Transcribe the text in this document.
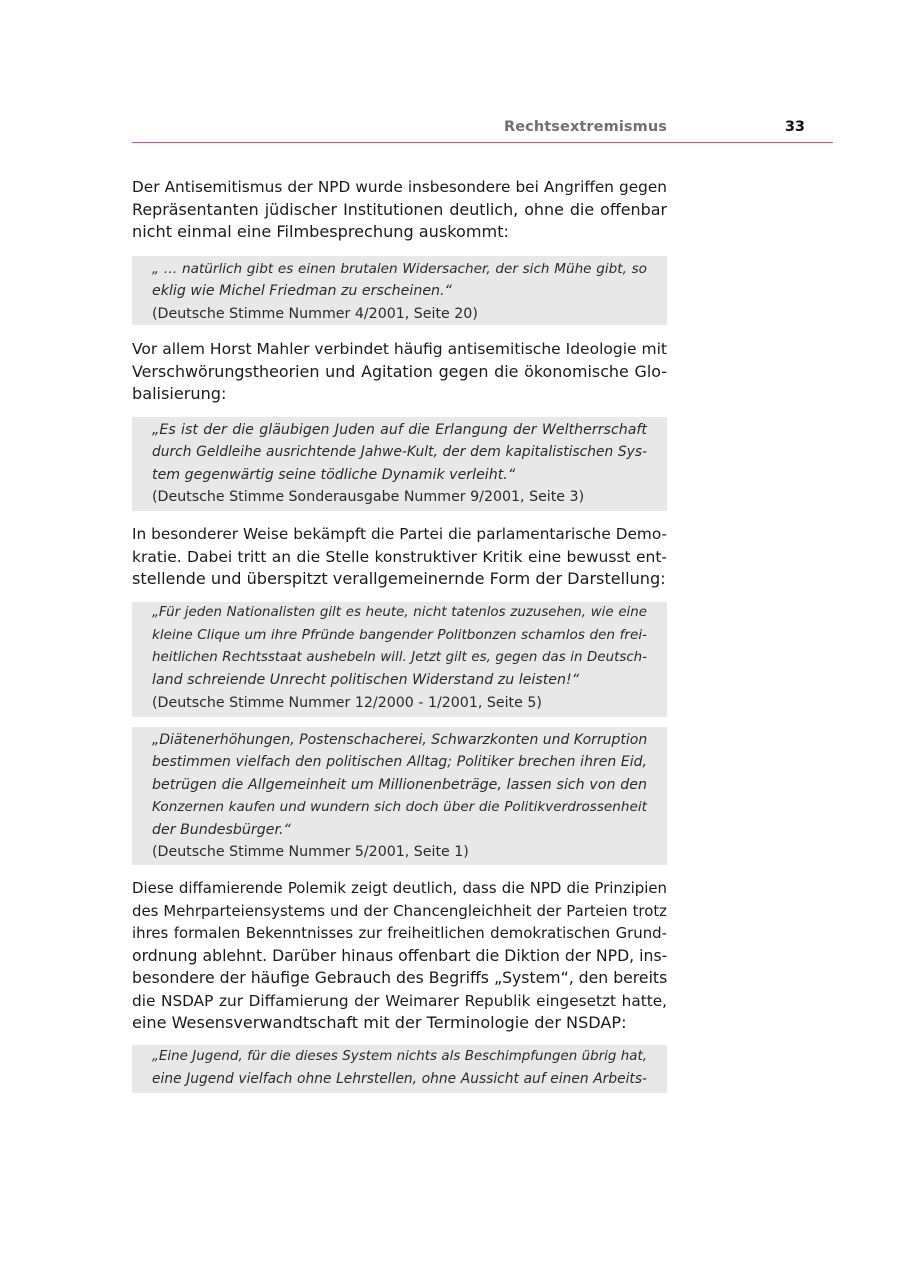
Rechtsextremismus	33
Der Antisemitismus der NPD wurde insbesondere bei Angriffen gegen
Repräsentanten jüdischer Institutionen deutlich, ohne die offenbar
nicht einmal eine Filmbesprechung auskommt:
„ … natürlich gibt es einen brutalen Widersacher, der sich Mühe gibt, so
eklig wie Michel Friedman zu erscheinen.“
(Deutsche Stimme Nummer 4/2001, Seite 20)
Vor allem Horst Mahler verbindet häufig antisemitische Ideologie mit
Verschwörungstheorien und Agitation gegen die ökonomische Glo-
balisierung:
„Es ist der die gläubigen Juden auf die Erlangung der Weltherrschaft
durch Geldleihe ausrichtende Jahwe-Kult, der dem kapitalistischen Sys-
tem gegenwärtig seine tödliche Dynamik verleiht.“
(Deutsche Stimme Sonderausgabe Nummer 9/2001, Seite 3)
In besonderer Weise bekämpft die Partei die parlamentarische Demo-
kratie. Dabei tritt an die Stelle konstruktiver Kritik eine bewusst ent-
stellende und überspitzt verallgemeinernde Form der Darstellung:
„Für jeden Nationalisten gilt es heute, nicht tatenlos zuzusehen, wie eine
kleine Clique um ihre Pfründe bangender Politbonzen schamlos den frei-
heitlichen Rechtsstaat aushebeln will. Jetzt gilt es, gegen das in Deutsch-
land schreiende Unrecht politischen Widerstand zu leisten!“
(Deutsche Stimme Nummer 12/2000 - 1/2001, Seite 5)
„Diätenerhöhungen, Postenschacherei, Schwarzkonten und Korruption
bestimmen vielfach den politischen Alltag; Politiker brechen ihren Eid,
betrügen die Allgemeinheit um Millionenbeträge, lassen sich von den
Konzernen kaufen und wundern sich doch über die Politikverdrossenheit
der Bundesbürger.“
(Deutsche Stimme Nummer 5/2001, Seite 1)
Diese diffamierende Polemik zeigt deutlich, dass die NPD die Prinzipien
des Mehrparteiensystems und der Chancengleichheit der Parteien trotz
ihres formalen Bekenntnisses zur freiheitlichen demokratischen Grund-
ordnung ablehnt. Darüber hinaus offenbart die Diktion der NPD, ins-
besondere der häufige Gebrauch des Begriffs „System“, den bereits
die NSDAP zur Diffamierung der Weimarer Republik eingesetzt hatte,
eine Wesensverwandtschaft mit der Terminologie der NSDAP:
„Eine Jugend, für die dieses System nichts als Beschimpfungen übrig hat,
eine Jugend vielfach ohne Lehrstellen, ohne Aussicht auf einen Arbeits-
